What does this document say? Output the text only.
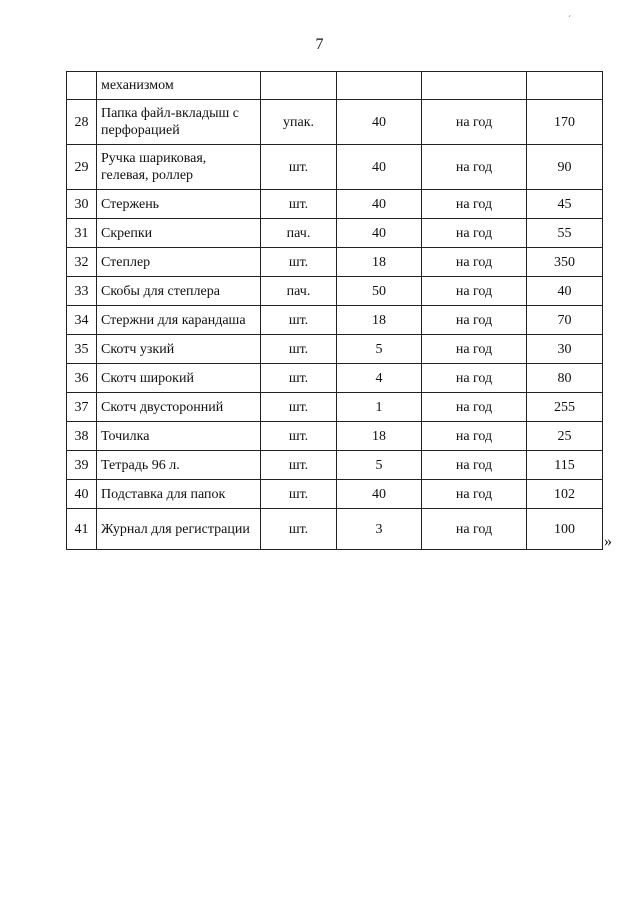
7
ˊ
	механизмом				
28	Папка файл-вкладыш с перфорацией	упак.	40	на год	170
29	Ручка шариковая, гелевая, роллер	шт.	40	на год	90
30	Стержень	шт.	40	на год	45
31	Скрепки	пач.	40	на год	55
32	Степлер	шт.	18	на год	350
33	Скобы для степлера	пач.	50	на год	40
34	Стержни для карандаша	шт.	18	на год	70
35	Скотч узкий	шт.	5	на год	30
36	Скотч широкий	шт.	4	на год	80
37	Скотч двусторонний	шт.	1	на год	255
38	Точилка	шт.	18	на год	25
39	Тетрадь 96 л.	шт.	5	на год	115
40	Подставка для папок	шт.	40	на год	102
41	Журнал для регистрации	шт.	3	на год	100
»
